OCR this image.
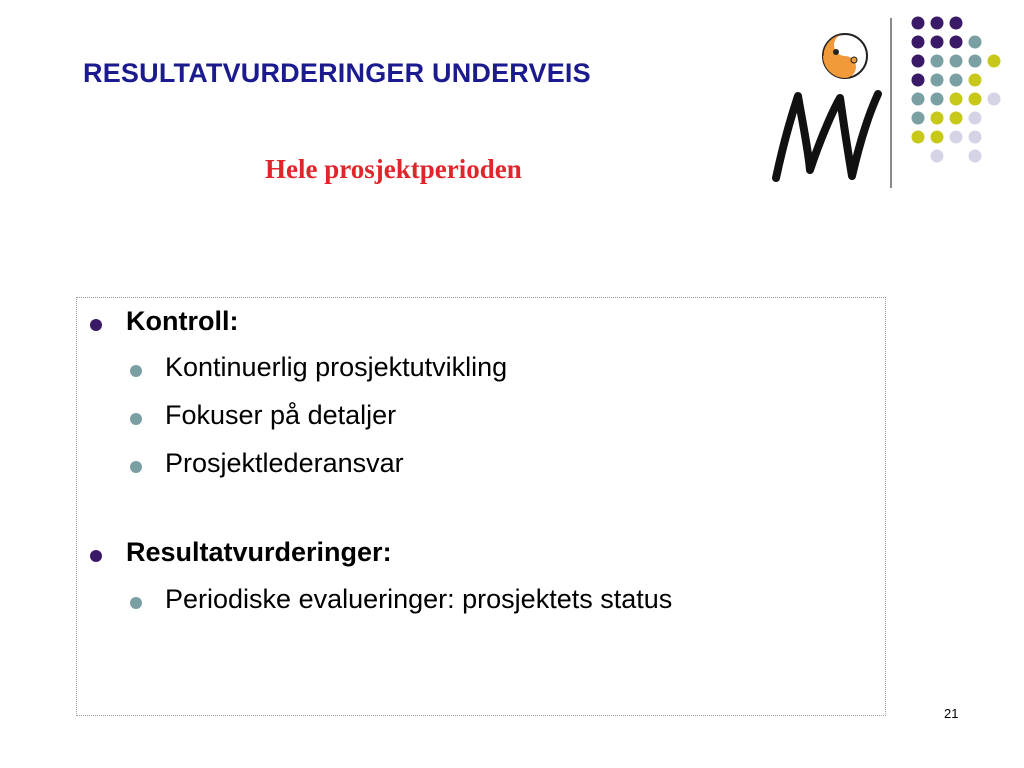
RESULTATVURDERINGER UNDERVEIS
Hele prosjektperioden
Kontroll:
Kontinuerlig prosjektutvikling
Fokuser på detaljer
Prosjektlederansvar
Resultatvurderinger:
Periodiske evalueringer: prosjektets status
21
